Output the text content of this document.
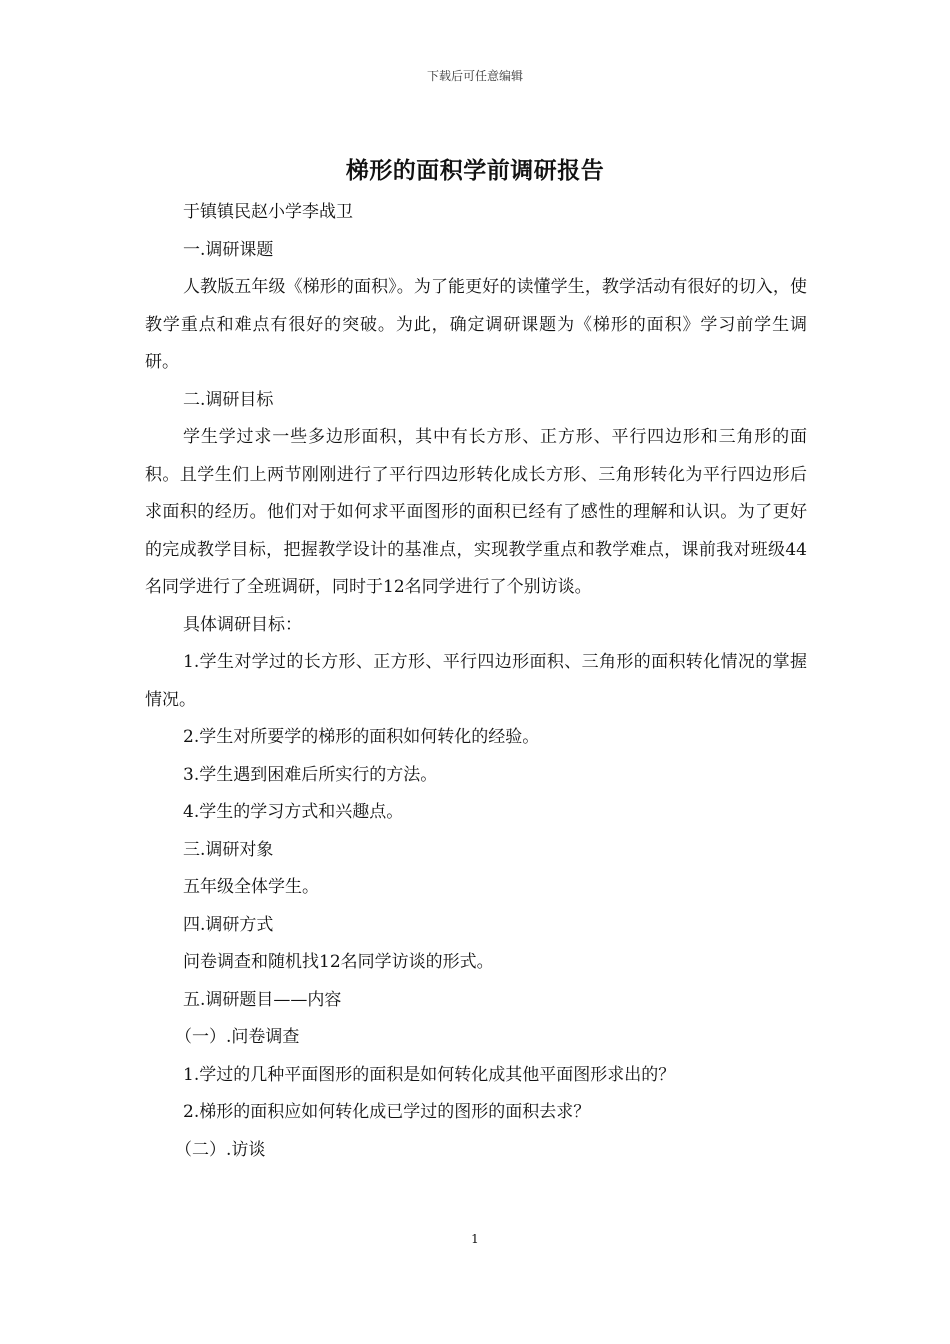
下载后可任意编辑
梯形的面积学前调研报告

于镇镇民赵小学李战卫

一.调研课题

人教版五年级《梯形的面积》。为了能更好的读懂学生，教学活动有很好的切入，使教学重点和难点有很好的突破。为此，确定调研课题为《梯形的面积》学习前学生调研。

二.调研目标

学生学过求一些多边形面积，其中有长方形、正方形、平行四边形和三角形的面积。且学生们上两节刚刚进行了平行四边形转化成长方形、三角形转化为平行四边形后求面积的经历。他们对于如何求平面图形的面积已经有了感性的理解和认识。为了更好的完成教学目标，把握教学设计的基准点，实现教学重点和教学难点，课前我对班级44名同学进行了全班调研，同时于12名同学进行了个别访谈。

具体调研目标：

1.学生对学过的长方形、正方形、平行四边形面积、三角形的面积转化情况的掌握情况。

2.学生对所要学的梯形的面积如何转化的经验。

3.学生遇到困难后所实行的方法。

4.学生的学习方式和兴趣点。

三.调研对象

五年级全体学生。

四.调研方式

问卷调查和随机找12名同学访谈的形式。

五.调研题目——内容

（一）.问卷调查

1.学过的几种平面图形的面积是如何转化成其他平面图形求出的？

2.梯形的面积应如何转化成已学过的图形的面积去求？

（二）.访谈

1
